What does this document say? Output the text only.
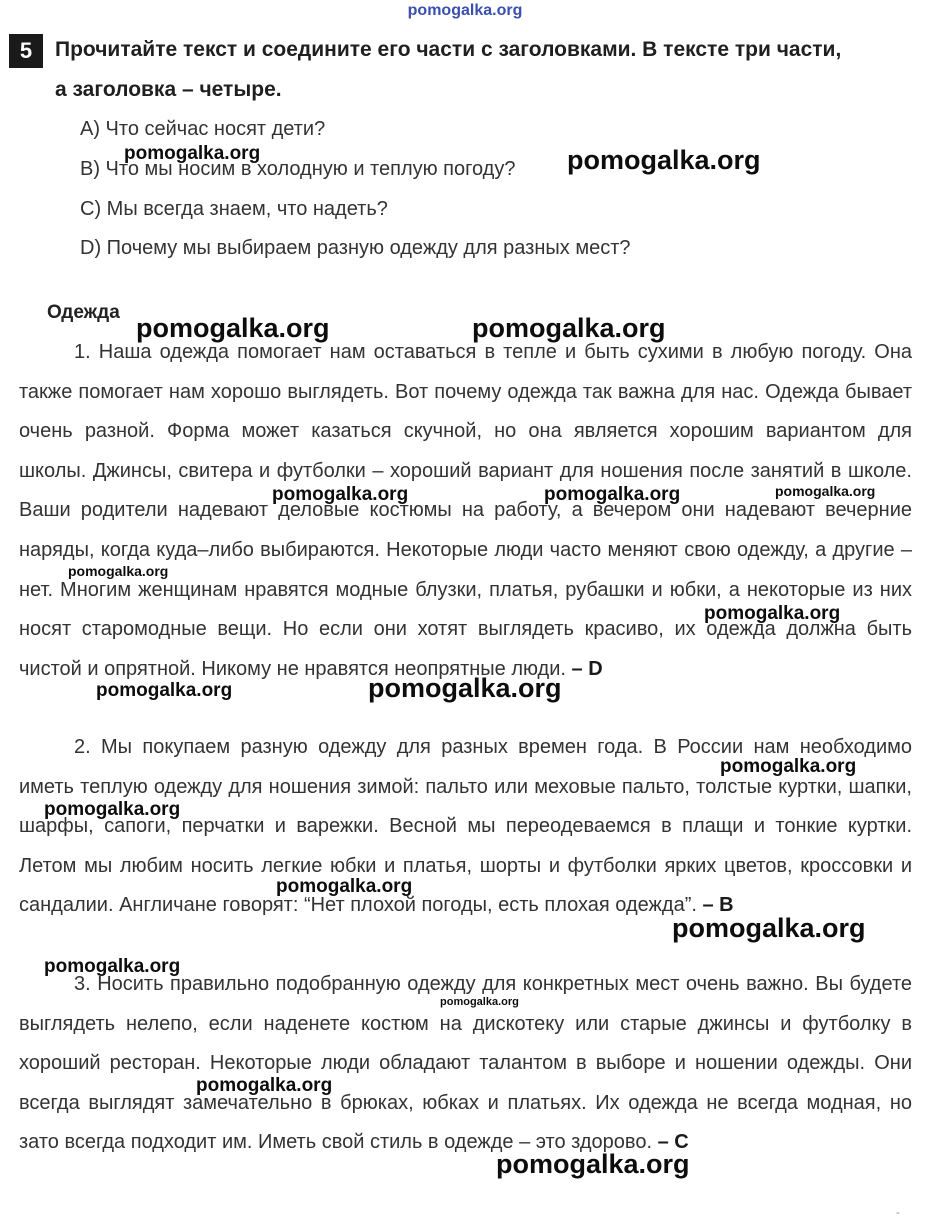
pomogalka.org
5	Прочитайте текст и соедините его части с заголовками. В тексте три части,
а заголовка – четыре.
A) Что сейчас носят дети?
B) Что мы носим в холодную и теплую погоду?
C) Мы всегда знаем, что надеть?
D) Почему мы выбираем разную одежду для разных мест?
Одежда

1. Наша одежда помогает нам оставаться в тепле и быть сухими в любую погоду. Она также помогает нам хорошо выглядеть. Вот почему одежда так важна для нас. Одежда бывает очень разной. Форма может казаться скучной, но она является хорошим вариантом для школы. Джинсы, свитера и футболки – хороший вариант для ношения после занятий в школе. Ваши родители надевают деловые костюмы на работу, а вечером они надевают вечерние наряды, когда куда–либо выбираются. Некоторые люди часто меняют свою одежду, а другие – нет. Многим женщинам нравятся модные блузки, платья, рубашки и юбки, а некоторые из них носят старомодные вещи. Но если они хотят выглядеть красиво, их одежда должна быть чистой и опрятной. Никому не нравятся неопрятные люди. – D

2. Мы покупаем разную одежду для разных времен года. В России нам необходимо иметь теплую одежду для ношения зимой: пальто или меховые пальто, толстые куртки, шапки, шарфы, сапоги, перчатки и варежки. Весной мы переодеваемся в плащи и тонкие куртки. Летом мы любим носить легкие юбки и платья, шорты и футболки ярких цветов, кроссовки и сандалии. Англичане говорят: “Нет плохой погоды, есть плохая одежда”. – B

3. Носить правильно подобранную одежду для конкретных мест очень важно. Вы будете выглядеть нелепо, если наденете костюм на дискотеку или старые джинсы и футболку в хороший ресторан. Некоторые люди обладают талантом в выборе и ношении одежды. Они всегда выглядят замечательно в брюках, юбках и платьях. Их одежда не всегда модная, но зато всегда подходит им. Иметь свой стиль в одежде – это здорово. – C

pomogalka.org	pomogalka.org
pomogalka.org	pomogalka.org
pomogalka.org	pomogalka.org	pomogalka.org
pomogalka.org
pomogalka.org
pomogalka.org	pomogalka.org
pomogalka.org
pomogalka.org
pomogalka.org
pomogalka.org
pomogalka.org
pomogalka.org
pomogalka.org
pomogalka.org
-
